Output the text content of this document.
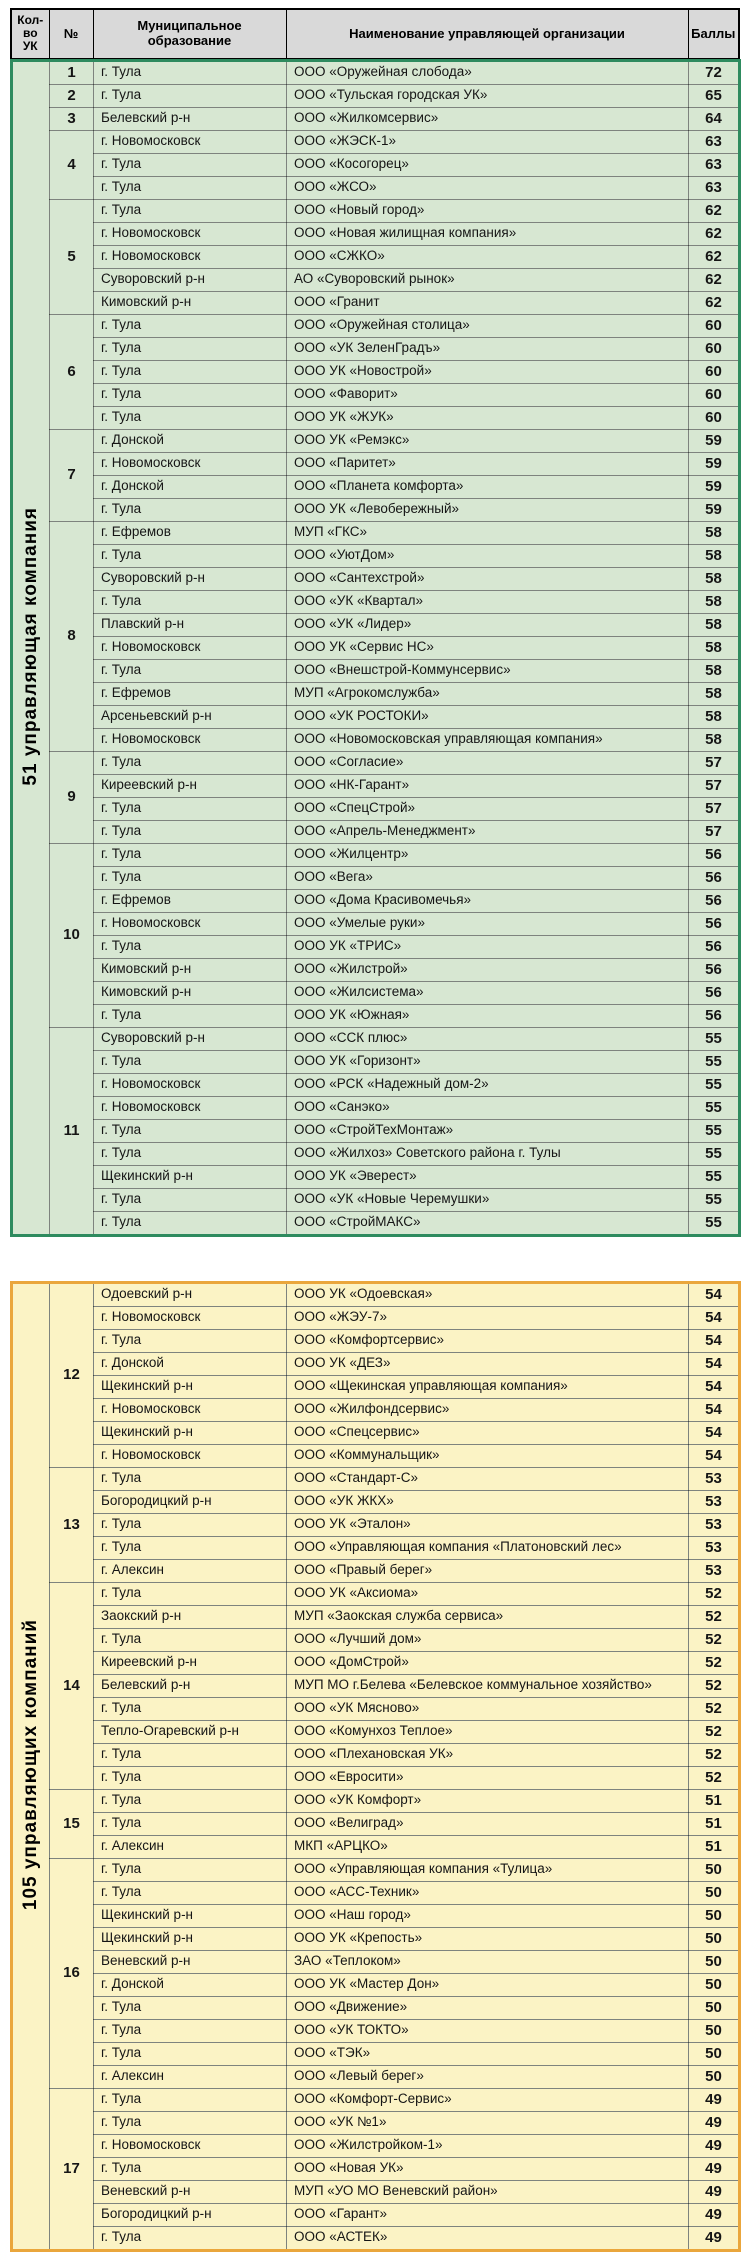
Кол-во УК	№	Муниципальное образование	Наименование управляющей организации	Баллы
51 управляющая компания	1	г. Тула	ООО «Оружейная слобода»	72
	2	г. Тула	ООО «Тульская городская УК»	65
	3	Белевский р-н	ООО «Жилкомсервис»	64
	4	г. Новомосковск	ООО «ЖЭСК-1»	63
		г. Тула	ООО «Косогорец»	63
		г. Тула	ООО «ЖСО»	63
	5	г. Тула	ООО «Новый город»	62
		г. Новомосковск	ООО «Новая жилищная компания»	62
		г. Новомосковск	ООО «СЖКО»	62
		Суворовский р-н	АО «Суворовский рынок»	62
		Кимовский р-н	ООО «Гранит	62
	6	г. Тула	ООО «Оружейная столица»	60
		г. Тула	ООО «УК ЗеленГрадъ»	60
		г. Тула	ООО УК «Новострой»	60
		г. Тула	ООО «Фаворит»	60
		г. Тула	ООО УК «ЖУК»	60
	7	г. Донской	ООО УК «Ремэкс»	59
		г. Новомосковск	ООО «Паритет»	59
		г. Донской	ООО «Планета комфорта»	59
		г. Тула	ООО УК «Левобережный»	59
	8	г. Ефремов	МУП «ГКС»	58
		г. Тула	ООО «УютДом»	58
		Суворовский р-н	ООО «Сантехстрой»	58
		г. Тула	ООО «УК «Квартал»	58
		Плавский р-н	ООО «УК «Лидер»	58
		г. Новомосковск	ООО УК «Сервис НС»	58
		г. Тула	ООО «Внешстрой-Коммунсервис»	58
		г. Ефремов	МУП «Агрокомслужба»	58
		Арсеньевский р-н	ООО «УК РОСТОКИ»	58
		г. Новомосковск	ООО «Новомосковская управляющая компания»	58
	9	г. Тула	ООО «Согласие»	57
		Киреевский р-н	ООО «НК-Гарант»	57
		г. Тула	ООО «СпецСтрой»	57
		г. Тула	ООО «Апрель-Менеджмент»	57
	10	г. Тула	ООО «Жилцентр»	56
		г. Тула	ООО «Вега»	56
		г. Ефремов	ООО «Дома Красивомечья»	56
		г. Новомосковск	ООО «Умелые руки»	56
		г. Тула	ООО УК «ТРИС»	56
		Кимовский р-н	ООО «Жилстрой»	56
		Кимовский р-н	ООО «Жилсистема»	56
		г. Тула	ООО УК «Южная»	56
	11	Суворовский р-н	ООО «ССК плюс»	55
		г. Тула	ООО УК «Горизонт»	55
		г. Новомосковск	ООО «РСК «Надежный дом-2»	55
		г. Новомосковск	ООО «Санэко»	55
		г. Тула	ООО «СтройТехМонтаж»	55
		г. Тула	ООО «Жилхоз» Советского района г. Тулы	55
		Щекинский р-н	ООО УК «Эверест»	55
		г. Тула	ООО «УК «Новые Черемушки»	55
		г. Тула	ООО «СтройМАКС»	55
105 управляющих компаний	12	Одоевский р-н	ООО УК «Одоевская»	54
		г. Новомосковск	ООО «ЖЭУ-7»	54
		г. Тула	ООО «Комфортсервис»	54
		г. Донской	ООО УК «ДЕЗ»	54
		Щекинский р-н	ООО «Щекинская управляющая компания»	54
		г. Новомосковск	ООО «Жилфондсервис»	54
		Щекинский р-н	ООО «Спецсервис»	54
		г. Новомосковск	ООО «Коммунальщик»	54
	13	г. Тула	ООО «Стандарт-С»	53
		Богородицкий р-н	ООО «УК ЖКХ»	53
		г. Тула	ООО УК «Эталон»	53
		г. Тула	ООО «Управляющая компания «Платоновский лес»	53
		г. Алексин	ООО «Правый берег»	53
	14	г. Тула	ООО УК «Аксиома»	52
		Заокский р-н	МУП «Заокская служба сервиса»	52
		г. Тула	ООО «Лучший дом»	52
		Киреевский р-н	ООО «ДомСтрой»	52
		Белевский р-н	МУП МО г.Белева «Белевское коммунальное хозяйство»	52
		г. Тула	ООО «УК Мясново»	52
		Тепло-Огаревский р-н	ООО «Комунхоз Теплое»	52
		г. Тула	ООО «Плехановская УК»	52
		г. Тула	ООО «Евросити»	52
	15	г. Тула	ООО «УК Комфорт»	51
		г. Тула	ООО «Велиград»	51
		г. Алексин	МКП «АРЦКО»	51
	16	г. Тула	ООО «Управляющая компания «Тулица»	50
		г. Тула	ООО «АСС-Техник»	50
		Щекинский р-н	ООО «Наш город»	50
		Щекинский р-н	ООО УК «Крепость»	50
		Веневский р-н	ЗАО «Теплоком»	50
		г. Донской	ООО УК «Мастер Дон»	50
		г. Тула	ООО «Движение»	50
		г. Тула	ООО «УК ТОКТО»	50
		г. Тула	ООО «ТЭК»	50
		г. Алексин	ООО «Левый берег»	50
	17	г. Тула	ООО «Комфорт-Сервис»	49
		г. Тула	ООО «УК №1»	49
		г. Новомосковск	ООО «Жилстройком-1»	49
		г. Тула	ООО «Новая УК»	49
		Веневский р-н	МУП «УО МО Веневский район»	49
		Богородицкий р-н	ООО «Гарант»	49
		г. Тула	ООО «АСТЕК»	49
